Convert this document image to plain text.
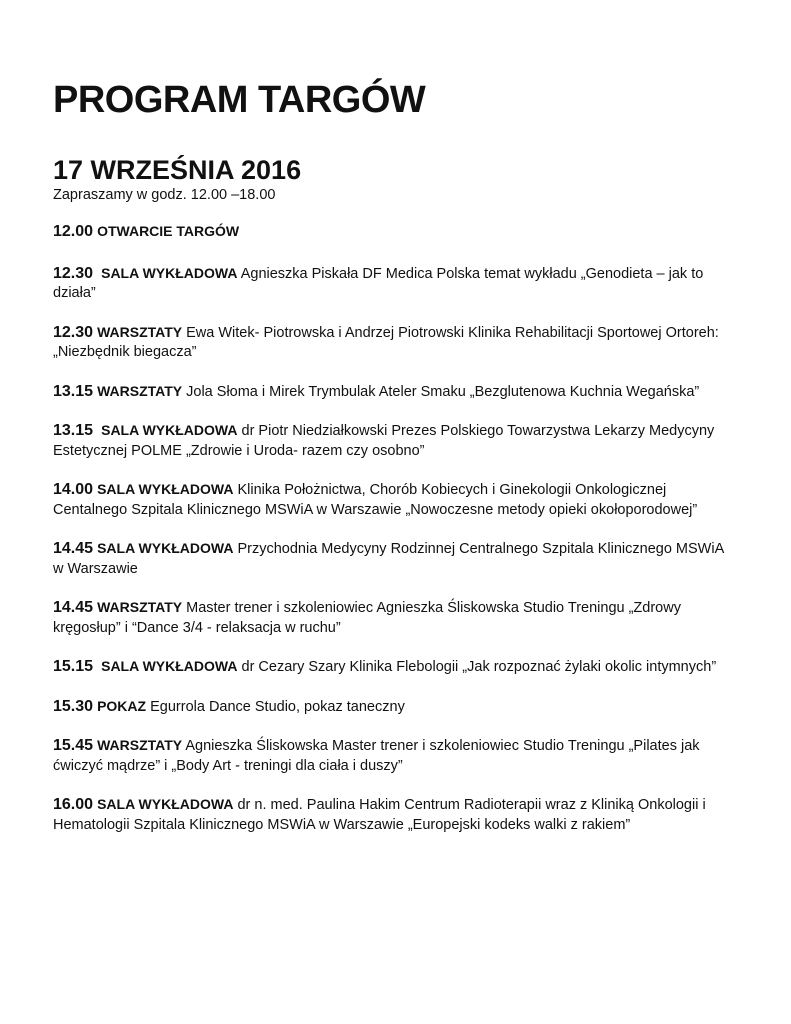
PROGRAM TARGÓW
17 WRZEŚNIA 2016

Zapraszamy w godz. 12.00 –18.00

12.00 OTWARCIE TARGÓW

12.30 SALA WYKŁADOWA Agnieszka Piskała DF Medica Polska temat wykładu „Genodieta – jak to działa”

12.30 WARSZTATY Ewa Witek- Piotrowska i Andrzej Piotrowski Klinika Rehabilitacji Sportowej Ortoreh: „Niezbędnik biegacza”

13.15 WARSZTATY Jola Słoma i Mirek Trymbulak Ateler Smaku „Bezglutenowa Kuchnia Wegańska”

13.15 SALA WYKŁADOWA dr Piotr Niedziałkowski Prezes Polskiego Towarzystwa Lekarzy Medycyny Estetycznej POLME „Zdrowie i Uroda- razem czy osobno”

14.00 SALA WYKŁADOWA Klinika Położnictwa, Chorób Kobiecych i Ginekologii Onkologicznej Centalnego Szpitala Klinicznego MSWiA w Warszawie „Nowoczesne metody opieki okołoporodowej”

14.45 SALA WYKŁADOWA Przychodnia Medycyny Rodzinnej Centralnego Szpitala Klinicznego MSWiA w Warszawie

14.45 WARSZTATY Master trener i szkoleniowiec Agnieszka Śliskowska Studio Treningu „Zdrowy kręgosłup” i “Dance 3/4 - relaksacja w ruchu”

15.15 SALA WYKŁADOWA dr Cezary Szary Klinika Flebologii „Jak rozpoznać żylaki okolic intymnych”

15.30 POKAZ Egurrola Dance Studio, pokaz taneczny

15.45 WARSZTATY Agnieszka Śliskowska Master trener i szkoleniowiec Studio Treningu „Pilates jak ćwiczyć mądrze” i „Body Art - treningi dla ciała i duszy”

16.00 SALA WYKŁADOWA dr n. med. Paulina Hakim Centrum Radioterapii wraz z Kliniką Onkologii i Hematologii Szpitala Klinicznego MSWiA w Warszawie „Europejski kodeks walki z rakiem”
